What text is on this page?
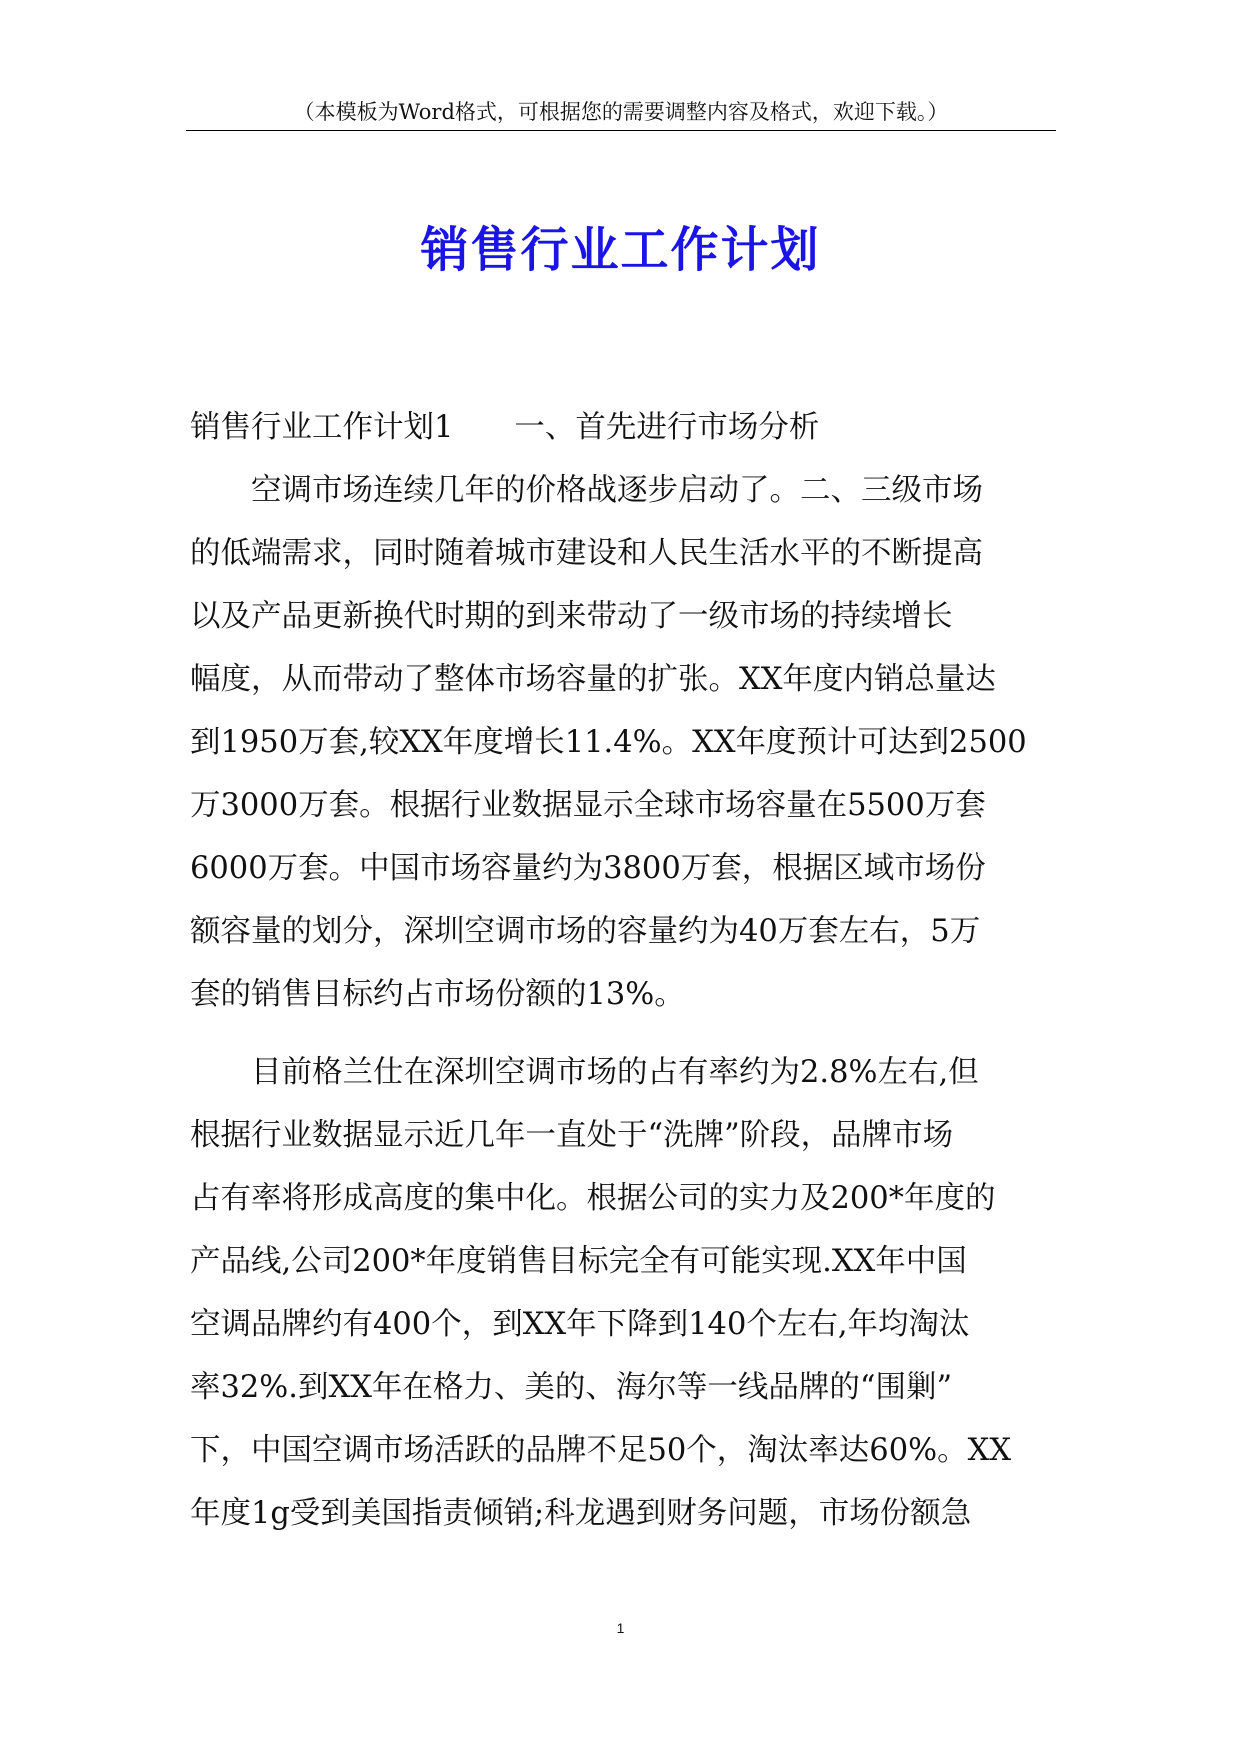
（本模板为Word格式，可根据您的需要调整内容及格式，欢迎下载。）
销售行业工作计划
销售行业工作计划1　　一、首先进行市场分析
　　空调市场连续几年的价格战逐步启动了。二、三级市场
的低端需求，同时随着城市建设和人民生活水平的不断提高
以及产品更新换代时期的到来带动了一级市场的持续增长
幅度，从而带动了整体市场容量的扩张。XX年度内销总量达
到1950万套,较XX年度增长11.4%。XX年度预计可达到2500
万3000万套。根据行业数据显示全球市场容量在5500万套
6000万套。中国市场容量约为3800万套，根据区域市场份
额容量的划分，深圳空调市场的容量约为40万套左右，5万
套的销售目标约占市场份额的13%。
　　目前格兰仕在深圳空调市场的占有率约为2.8%左右,但
根据行业数据显示近几年一直处于“洗牌”阶段，品牌市场
占有率将形成高度的集中化。根据公司的实力及200*年度的
产品线,公司200*年度销售目标完全有可能实现.XX年中国
空调品牌约有400个，到XX年下降到140个左右,年均淘汰
率32%.到XX年在格力、美的、海尔等一线品牌的“围剿”
下，中国空调市场活跃的品牌不足50个，淘汰率达60%。XX
年度1g受到美国指责倾销;科龙遇到财务问题，市场份额急
1
